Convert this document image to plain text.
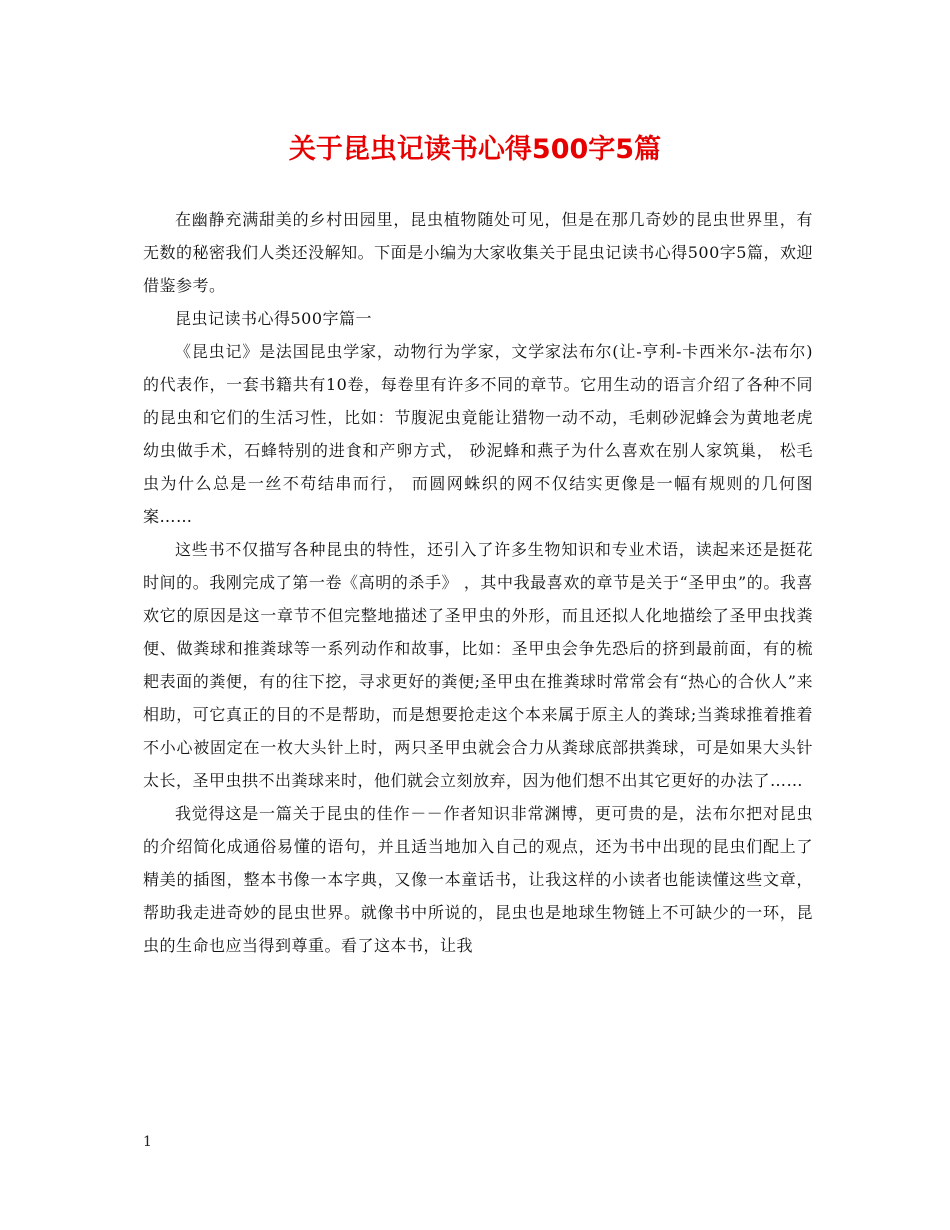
关于昆虫记读书心得500字5篇

在幽静充满甜美的乡村田园里，昆虫植物随处可见，但是在那几奇妙的昆虫世界里，有无数的秘密我们人类还没解知。下面是小编为大家收集关于昆虫记读书心得500字5篇，欢迎借鉴参考。

昆虫记读书心得500字篇一

《昆虫记》是法国昆虫学家，动物行为学家，文学家法布尔(让-亨利-卡西米尔-法布尔)的代表作，一套书籍共有10卷，每卷里有许多不同的章节。它用生动的语言介绍了各种不同的昆虫和它们的生活习性，比如：节腹泥虫竟能让猎物一动不动，毛刺砂泥蜂会为黄地老虎幼虫做手术，石蜂特别的进食和产卵方式， 砂泥蜂和燕子为什么喜欢在别人家筑巢， 松毛虫为什么总是一丝不苟结串而行， 而圆网蛛织的网不仅结实更像是一幅有规则的几何图案……

这些书不仅描写各种昆虫的特性，还引入了许多生物知识和专业术语，读起来还是挺花时间的。我刚完成了第一卷《高明的杀手》 ，其中我最喜欢的章节是关于“圣甲虫”的。我喜欢它的原因是这一章节不但完整地描述了圣甲虫的外形，而且还拟人化地描绘了圣甲虫找粪便、做粪球和推粪球等一系列动作和故事，比如：圣甲虫会争先恐后的挤到最前面，有的梳耙表面的粪便，有的往下挖，寻求更好的粪便;圣甲虫在推粪球时常常会有“热心的合伙人”来相助，可它真正的目的不是帮助，而是想要抢走这个本来属于原主人的粪球;当粪球推着推着不小心被固定在一枚大头针上时，两只圣甲虫就会合力从粪球底部拱粪球，可是如果大头针太长，圣甲虫拱不出粪球来时，他们就会立刻放弃，因为他们想不出其它更好的办法了……

我觉得这是一篇关于昆虫的佳作－－作者知识非常渊博，更可贵的是，法布尔把对昆虫的介绍简化成通俗易懂的语句，并且适当地加入自己的观点，还为书中出现的昆虫们配上了精美的插图，整本书像一本字典，又像一本童话书，让我这样的小读者也能读懂这些文章，帮助我走进奇妙的昆虫世界。就像书中所说的，昆虫也是地球生物链上不可缺少的一环，昆虫的生命也应当得到尊重。看了这本书，让我

1
